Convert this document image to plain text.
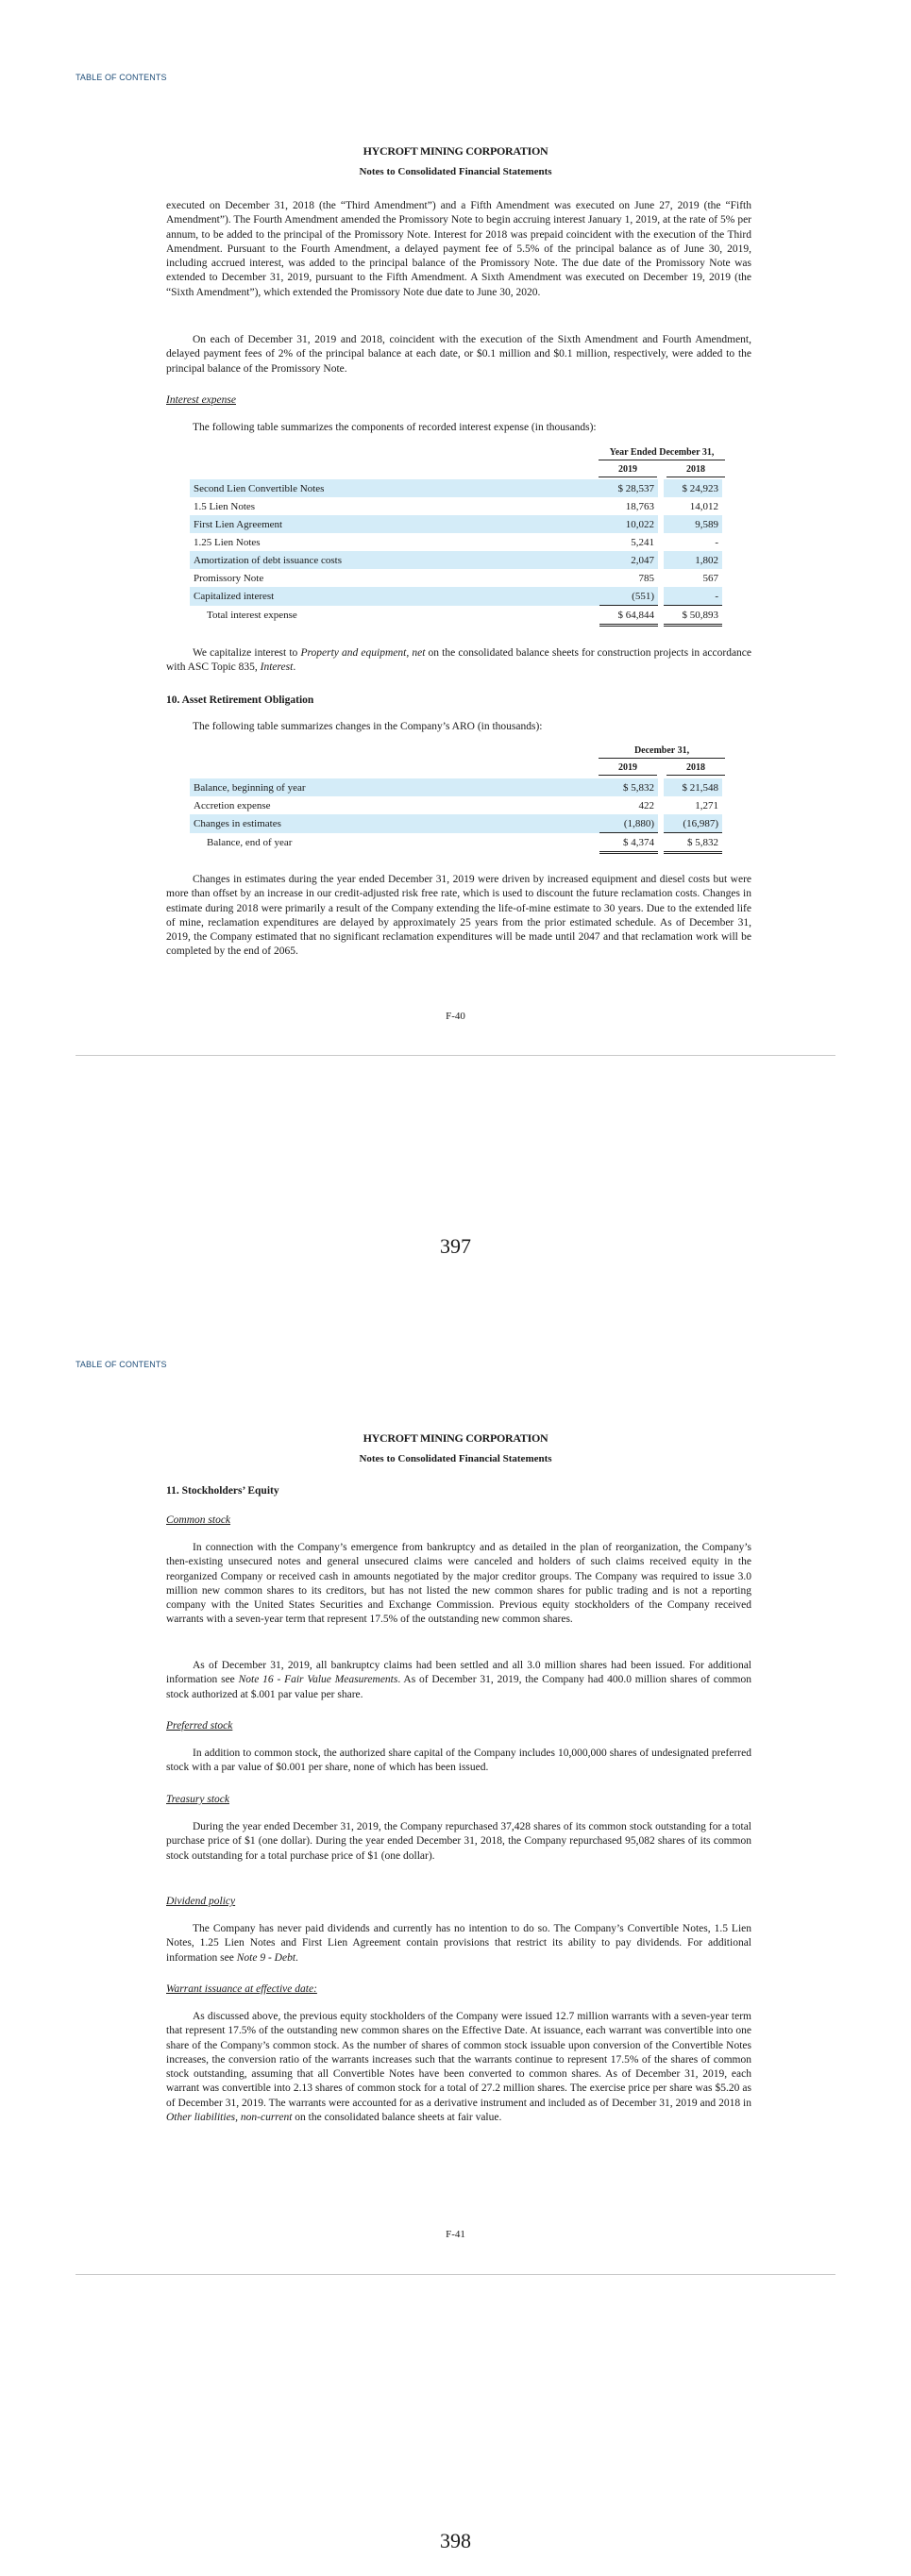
TABLE OF CONTENTS
HYCROFT MINING CORPORATION
Notes to Consolidated Financial Statements

executed on December 31, 2018 (the “Third Amendment”) and a Fifth Amendment was executed on June 27, 2019 (the “Fifth Amendment”). The Fourth Amendment amended the Promissory Note to begin accruing interest January 1, 2019, at the rate of 5% per annum, to be added to the principal of the Promissory Note. Interest for 2018 was prepaid coincident with the execution of the Third Amendment. Pursuant to the Fourth Amendment, a delayed payment fee of 5.5% of the principal balance as of June 30, 2019, including accrued interest, was added to the principal balance of the Promissory Note. The due date of the Promissory Note was extended to December 31, 2019, pursuant to the Fifth Amendment. A Sixth Amendment was executed on December 19, 2019 (the “Sixth Amendment”), which extended the Promissory Note due date to June 30, 2020.

On each of December 31, 2019 and 2018, coincident with the execution of the Sixth Amendment and Fourth Amendment, delayed payment fees of 2% of the principal balance at each date, or $0.1 million and $0.1 million, respectively, were added to the principal balance of the Promissory Note.

Interest expense

The following table summarizes the components of recorded interest expense (in thousands):

Year Ended December 31,
2019	2018
Second Lien Convertible Notes	$ 28,537		$ 24,923
1.5 Lien Notes	18,763		14,012
First Lien Agreement	10,022		9,589
1.25 Lien Notes	5,241		-
Amortization of debt issuance costs	2,047		1,802
Promissory Note	785		567
Capitalized interest	(551)		-
Total interest expense	$ 64,844		$ 50,893

We capitalize interest to Property and equipment, net on the consolidated balance sheets for construction projects in accordance with ASC Topic 835, Interest.

10. Asset Retirement Obligation

The following table summarizes changes in the Company’s ARO (in thousands):

December 31,
2019	2018
Balance, beginning of year	$ 5,832		$ 21,548
Accretion expense	422		1,271
Changes in estimates	(1,880)		(16,987)
Balance, end of year	$ 4,374		$ 5,832

Changes in estimates during the year ended December 31, 2019 were driven by increased equipment and diesel costs but were more than offset by an increase in our credit-adjusted risk free rate, which is used to discount the future reclamation costs. Changes in estimate during 2018 were primarily a result of the Company extending the life-of-mine estimate to 30 years. Due to the extended life of mine, reclamation expenditures are delayed by approximately 25 years from the prior estimated schedule. As of December 31, 2019, the Company estimated that no significant reclamation expenditures will be made until 2047 and that reclamation work will be completed by the end of 2065.

F-40
397
TABLE OF CONTENTS
HYCROFT MINING CORPORATION
Notes to Consolidated Financial Statements
11. Stockholders’ Equity
Common stock

In connection with the Company’s emergence from bankruptcy and as detailed in the plan of reorganization, the Company’s then-existing unsecured notes and general unsecured claims were canceled and holders of such claims received equity in the reorganized Company or received cash in amounts negotiated by the major creditor groups. The Company was required to issue 3.0 million new common shares to its creditors, but has not listed the new common shares for public trading and is not a reporting company with the United States Securities and Exchange Commission. Previous equity stockholders of the Company received warrants with a seven-year term that represent 17.5% of the outstanding new common shares.

As of December 31, 2019, all bankruptcy claims had been settled and all 3.0 million shares had been issued. For additional information see Note 16 - Fair Value Measurements. As of December 31, 2019, the Company had 400.0 million shares of common stock authorized at $.001 par value per share.

Preferred stock

In addition to common stock, the authorized share capital of the Company includes 10,000,000 shares of undesignated preferred stock with a par value of $0.001 per share, none of which has been issued.

Treasury stock

During the year ended December 31, 2019, the Company repurchased 37,428 shares of its common stock outstanding for a total purchase price of $1 (one dollar). During the year ended December 31, 2018, the Company repurchased 95,082 shares of its common stock outstanding for a total purchase price of $1 (one dollar).

Dividend policy

The Company has never paid dividends and currently has no intention to do so. The Company’s Convertible Notes, 1.5 Lien Notes, 1.25 Lien Notes and First Lien Agreement contain provisions that restrict its ability to pay dividends. For additional information see Note 9 - Debt.

Warrant issuance at effective date:

As discussed above, the previous equity stockholders of the Company were issued 12.7 million warrants with a seven-year term that represent 17.5% of the outstanding new common shares on the Effective Date. At issuance, each warrant was convertible into one share of the Company’s common stock. As the number of shares of common stock issuable upon conversion of the Convertible Notes increases, the conversion ratio of the warrants increases such that the warrants continue to represent 17.5% of the shares of common stock outstanding, assuming that all Convertible Notes have been converted to common shares. As of December 31, 2019, each warrant was convertible into 2.13 shares of common stock for a total of 27.2 million shares. The exercise price per share was $5.20 as of December 31, 2019. The warrants were accounted for as a derivative instrument and included as of December 31, 2019 and 2018 in Other liabilities, non-current on the consolidated balance sheets at fair value.

F-41
398
